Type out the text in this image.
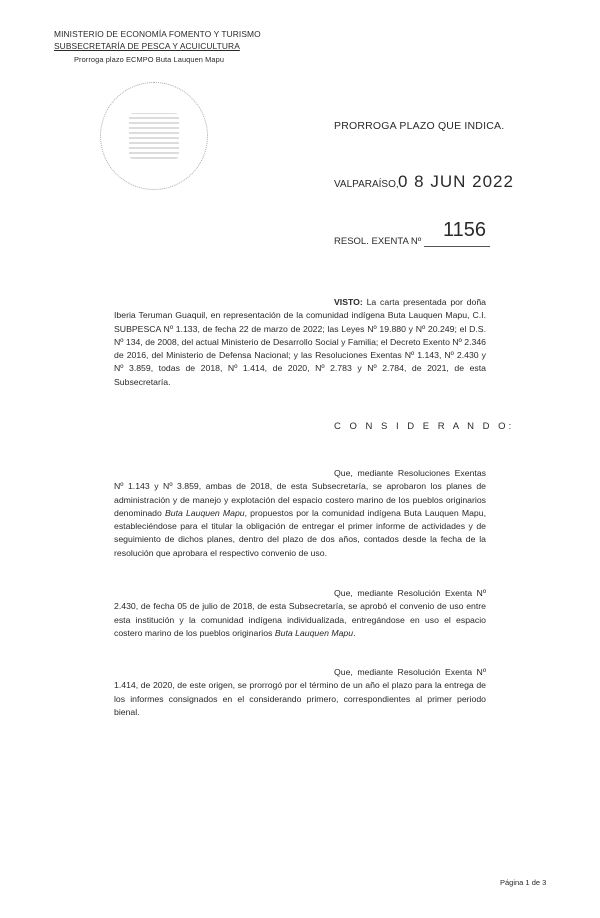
MINISTERIO DE ECONOMÍA FOMENTO Y TURISMO
SUBSECRETARÍA DE PESCA Y ACUICULTURA
Prorroga plazo ECMPO Buta Lauquen Mapu
PRORROGA PLAZO QUE INDICA.
VALPARAÍSO, 0 8 JUN 2022
RESOL. EXENTA Nº
1156

VISTO: La carta presentada por doña Iberia Teruman Guaquil, en representación de la comunidad indígena Buta Lauquen Mapu, C.I. SUBPESCA Nº 1.133, de fecha 22 de marzo de 2022; las Leyes Nº 19.880 y Nº 20.249; el D.S. Nº 134, de 2008, del actual Ministerio de Desarrollo Social y Familia; el Decreto Exento Nº 2.346 de 2016, del Ministerio de Defensa Nacional; y las Resoluciones Exentas Nº 1.143, Nº 2.430 y Nº 3.859, todas de 2018, Nº 1.414, de 2020, Nº 2.783 y Nº 2.784, de 2021, de esta Subsecretaría.

C O N S I D E R A N D O:

Que, mediante Resoluciones Exentas Nº 1.143 y Nº 3.859, ambas de 2018, de esta Subsecretaría, se aprobaron los planes de administración y de manejo y explotación del espacio costero marino de los pueblos originarios denominado Buta Lauquen Mapu, propuestos por la comunidad indígena Buta Lauquen Mapu, estableciéndose para el titular la obligación de entregar el primer informe de actividades y de seguimiento de dichos planes, dentro del plazo de dos años, contados desde la fecha de la resolución que aprobara el respectivo convenio de uso.

Que, mediante Resolución Exenta Nº 2.430, de fecha 05 de julio de 2018, de esta Subsecretaría, se aprobó el convenio de uso entre esta institución y la comunidad indígena individualizada, entregándose en uso el espacio costero marino de los pueblos originarios Buta Lauquen Mapu.

Que, mediante Resolución Exenta Nº 1.414, de 2020, de este origen, se prorrogó por el término de un año el plazo para la entrega de los informes consignados en el considerando primero, correspondientes al primer periodo bienal.

Página 1 de 3
